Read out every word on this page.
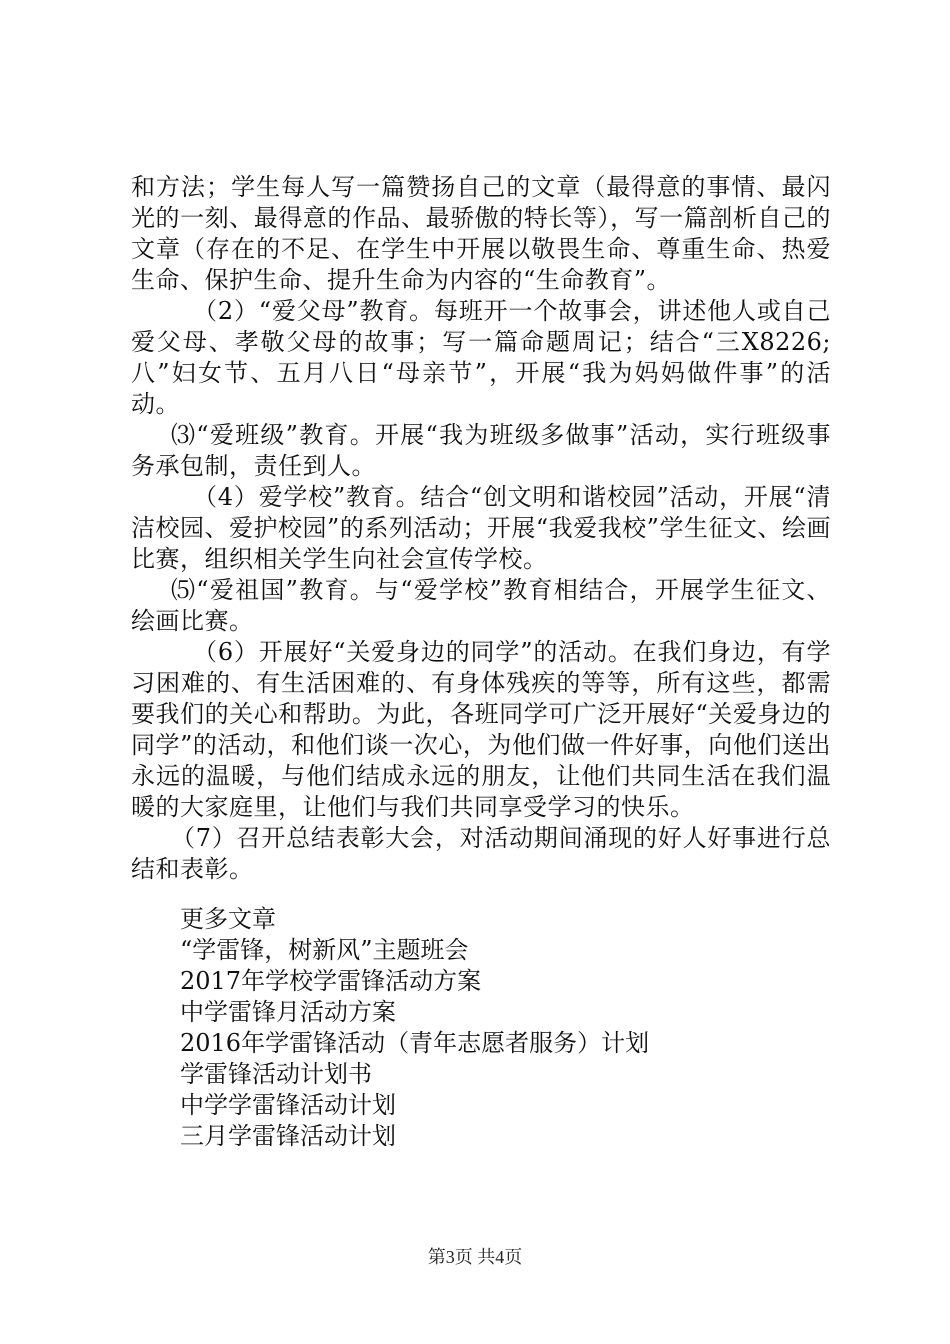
和方法；学生每人写一篇赞扬自己的文章（最得意的事情、最闪光的一刻、最得意的作品、最骄傲的特长等），写一篇剖析自己的文章（存在的不足、在学生中开展以敬畏生命、尊重生命、热爱生命、保护生命、提升生命为内容的“生命教育”。

（2）“爱父母”教育。每班开一个故事会，讲述他人或自己爱父母、孝敬父母的故事；写一篇命题周记；结合“三X8226;八”妇女节、五月八日“母亲节”，开展“我为妈妈做件事”的活动。

⑶“爱班级”教育。开展“我为班级多做事”活动，实行班级事务承包制，责任到人。

（4）爱学校”教育。结合“创文明和谐校园”活动，开展“清洁校园、爱护校园”的系列活动；开展“我爱我校”学生征文、绘画比赛，组织相关学生向社会宣传学校。

⑸“爱祖国”教育。与“爱学校”教育相结合，开展学生征文、绘画比赛。

（6）开展好“关爱身边的同学”的活动。在我们身边，有学习困难的、有生活困难的、有身体残疾的等等，所有这些，都需要我们的关心和帮助。为此，各班同学可广泛开展好“关爱身边的同学”的活动，和他们谈一次心，为他们做一件好事，向他们送出永远的温暖，与他们结成永远的朋友，让他们共同生活在我们温暖的大家庭里，让他们与我们共同享受学习的快乐。

（7）召开总结表彰大会，对活动期间涌现的好人好事进行总结和表彰。

更多文章

“学雷锋，树新风”主题班会

2017年学校学雷锋活动方案

中学雷锋月活动方案

2016年学雷锋活动（青年志愿者服务）计划

学雷锋活动计划书

中学学雷锋活动计划

三月学雷锋活动计划

第3页 共4页
